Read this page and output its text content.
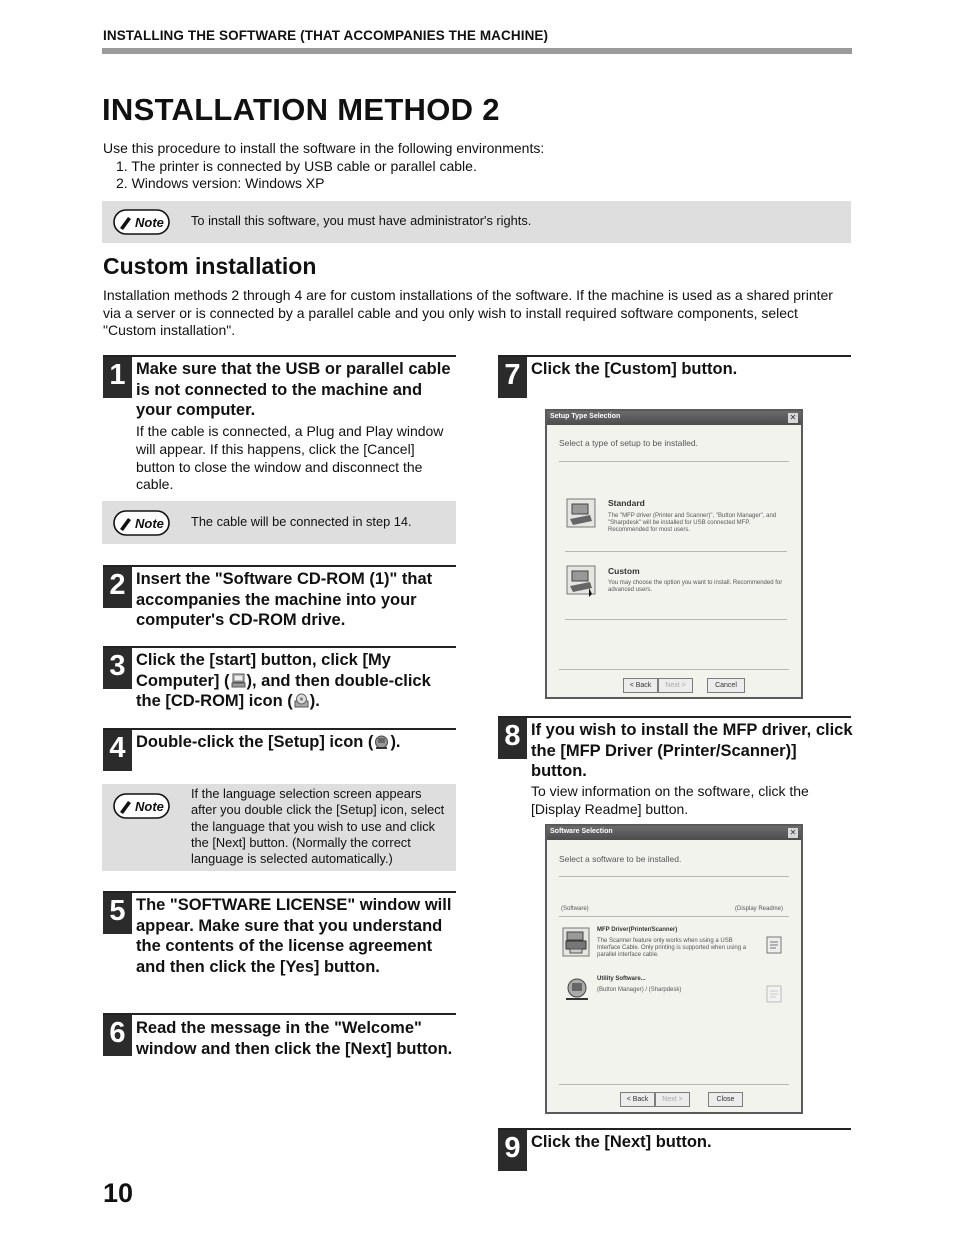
INSTALLING THE SOFTWARE (THAT ACCOMPANIES THE MACHINE)
INSTALLATION METHOD 2
Use this procedure to install the software in the following environments:
1. The printer is connected by USB cable or parallel cable.
2. Windows version: Windows XP
Note To install this software, you must have administrator's rights.
Custom installation
Installation methods 2 through 4 are for custom installations of the software. If the machine is used as a shared printer via a server or is connected by a parallel cable and you only wish to install required software components, select "Custom installation".
1 Make sure that the USB or parallel cable is not connected to the machine and your computer.
If the cable is connected, a Plug and Play window will appear. If this happens, click the [Cancel] button to close the window and disconnect the cable.
Note The cable will be connected in step 14.
2 Insert the "Software CD-ROM (1)" that accompanies the machine into your computer's CD-ROM drive.
3 Click the [start] button, click [My Computer] ( ), and then double-click the [CD-ROM] icon ( ).
4 Double-click the [Setup] icon ( ).
Note
If the language selection screen appears after you double click the [Setup] icon, select the language that you wish to use and click the [Next] button. (Normally the correct language is selected automatically.)
5 The "SOFTWARE LICENSE" window will appear. Make sure that you understand the contents of the license agreement and then click the [Yes] button.
6 Read the message in the "Welcome" window and then click the [Next] button.
7 Click the [Custom] button.
Setup Type Selection	✕
Select a type of setup to be installed.
Standard
The "MFP driver (Printer and Scanner)", "Button Manager", and "Sharpdesk" will be installed for USB connected MFP. Recommended for most users.
Custom
You may choose the option you want to install. Recommended for advanced users.
< Back	Next >	Cancel
8 If you wish to install the MFP driver, click the [MFP Driver (Printer/Scanner)] button.
To view information on the software, click the [Display Readme] button.
Software Selection	✕
Select a software to be installed.
(Software)	(Display Readme)
MFP Driver(Printer/Scanner)
The Scanner feature only works when using a USB Interface Cable. Only printing is supported when using a parallel interface cable.
Utility Software...
(Button Manager) / (Sharpdesk)
< Back	Next >	Close
9 Click the [Next] button.
10
